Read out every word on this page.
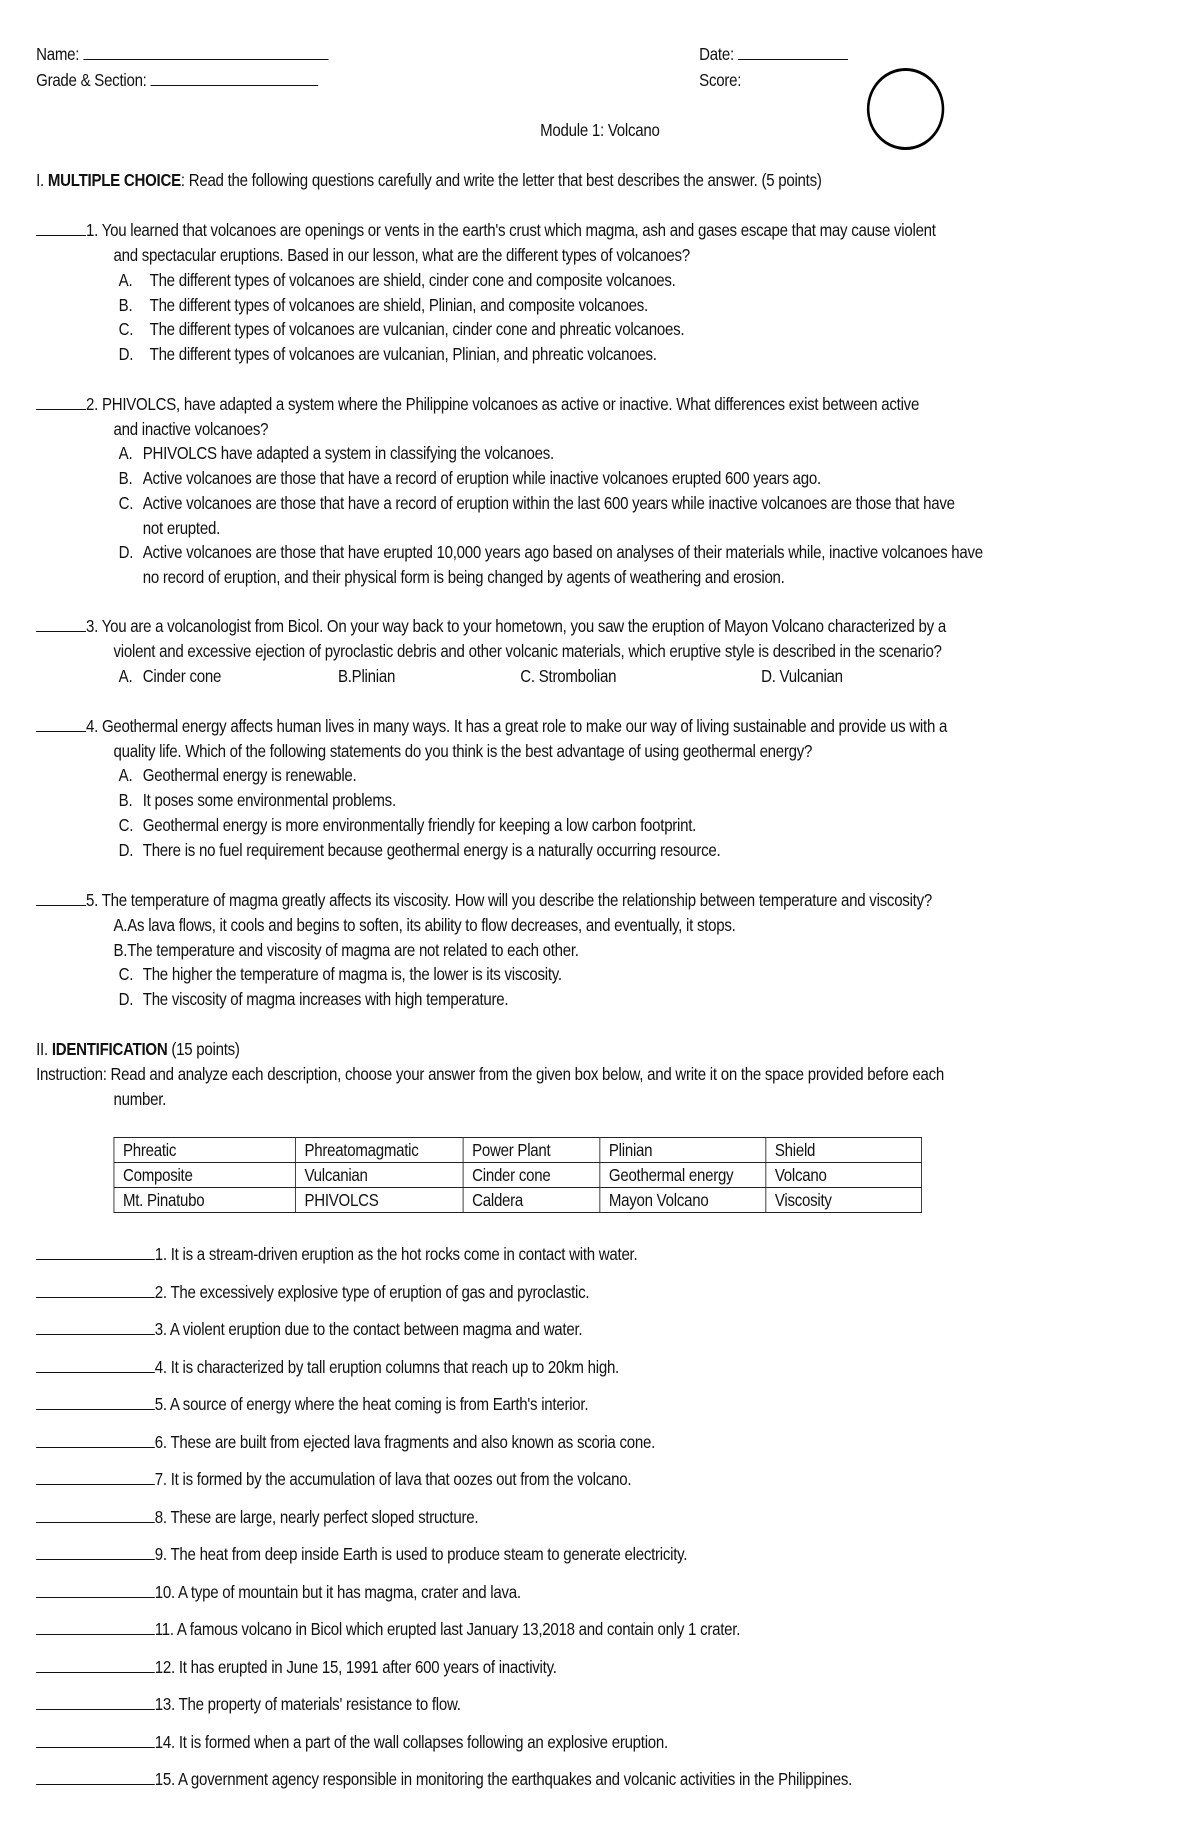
Name:
Grade & Section:
Date:
Score:
Module 1: Volcano
I. MULTIPLE CHOICE: Read the following questions carefully and write the letter that best describes the answer. (5 points)
1. You learned that volcanoes are openings or vents in the earth's crust which magma, ash and gases escape that may cause violent
and spectacular eruptions. Based in our lesson, what are the different types of volcanoes?
A. The different types of volcanoes are shield, cinder cone and composite volcanoes.
B. The different types of volcanoes are shield, Plinian, and composite volcanoes.
C. The different types of volcanoes are vulcanian, cinder cone and phreatic volcanoes.
D. The different types of volcanoes are vulcanian, Plinian, and phreatic volcanoes.
2. PHIVOLCS, have adapted a system where the Philippine volcanoes as active or inactive. What differences exist between active
and inactive volcanoes?
A. PHIVOLCS have adapted a system in classifying the volcanoes.
B. Active volcanoes are those that have a record of eruption while inactive volcanoes erupted 600 years ago.
C. Active volcanoes are those that have a record of eruption within the last 600 years while inactive volcanoes are those that have not erupted.
D. Active volcanoes are those that have erupted 10,000 years ago based on analyses of their materials while, inactive volcanoes have no record of eruption, and their physical form is being changed by agents of weathering and erosion.
3. You are a volcanologist from Bicol. On your way back to your hometown, you saw the eruption of Mayon Volcano characterized by a
violent and excessive ejection of pyroclastic debris and other volcanic materials, which eruptive style is described in the scenario?
A. Cinder cone	B.Plinian	C. Strombolian	D. Vulcanian
4. Geothermal energy affects human lives in many ways. It has a great role to make our way of living sustainable and provide us with a
quality life. Which of the following statements do you think is the best advantage of using geothermal energy?
A. Geothermal energy is renewable.
B. It poses some environmental problems.
C. Geothermal energy is more environmentally friendly for keeping a low carbon footprint.
D. There is no fuel requirement because geothermal energy is a naturally occurring resource.
5. The temperature of magma greatly affects its viscosity. How will you describe the relationship between temperature and viscosity?
A.As lava flows, it cools and begins to soften, its ability to flow decreases, and eventually, it stops.
B.The temperature and viscosity of magma are not related to each other.
C. The higher the temperature of magma is, the lower is its viscosity.
D. The viscosity of magma increases with high temperature.
II. IDENTIFICATION (15 points)
Instruction: Read and analyze each description, choose your answer from the given box below, and write it on the space provided before each
number.
Phreatic	Phreatomagmatic	Power Plant	Plinian	Shield
Composite	Vulcanian	Cinder cone	Geothermal energy	Volcano
Mt. Pinatubo	PHIVOLCS	Caldera	Mayon Volcano	Viscosity
1. It is a stream-driven eruption as the hot rocks come in contact with water.
2. The excessively explosive type of eruption of gas and pyroclastic.
3. A violent eruption due to the contact between magma and water.
4. It is characterized by tall eruption columns that reach up to 20km high.
5. A source of energy where the heat coming is from Earth's interior.
6. These are built from ejected lava fragments and also known as scoria cone.
7. It is formed by the accumulation of lava that oozes out from the volcano.
8. These are large, nearly perfect sloped structure.
9. The heat from deep inside Earth is used to produce steam to generate electricity.
10. A type of mountain but it has magma, crater and lava.
11. A famous volcano in Bicol which erupted last January 13,2018 and contain only 1 crater.
12. It has erupted in June 15, 1991 after 600 years of inactivity.
13. The property of materials' resistance to flow.
14. It is formed when a part of the wall collapses following an explosive eruption.
15. A government agency responsible in monitoring the earthquakes and volcanic activities in the Philippines.
